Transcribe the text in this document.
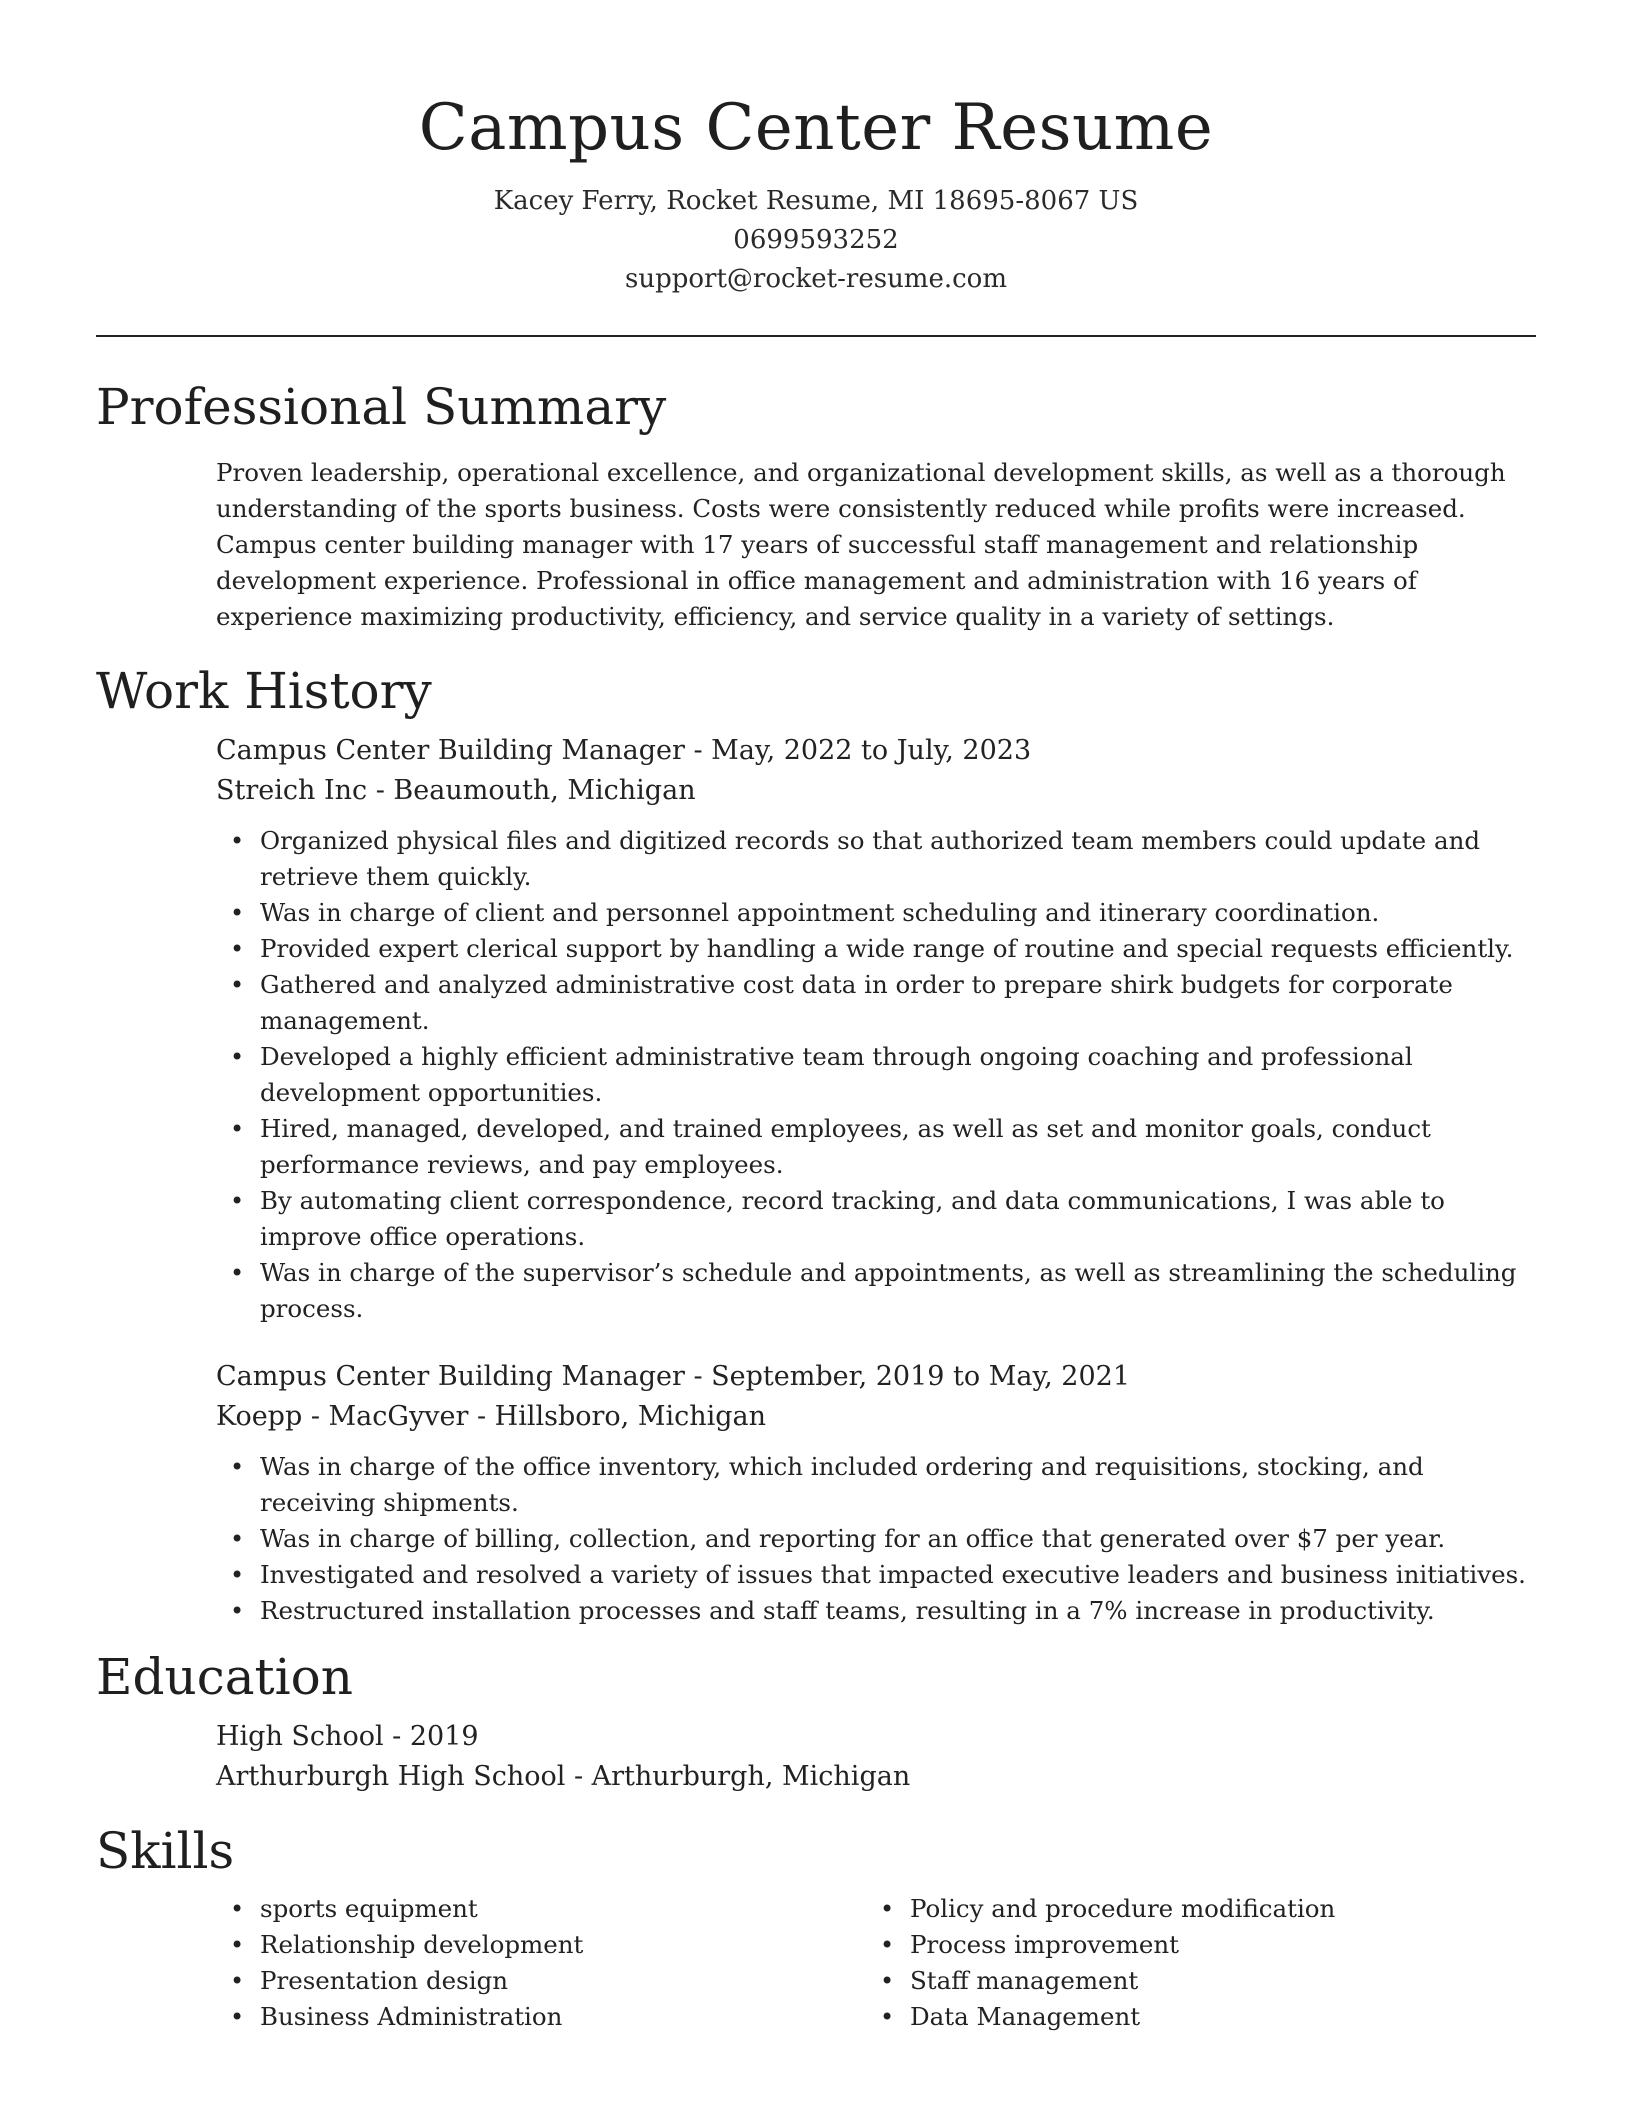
Campus Center Resume
Kacey Ferry, Rocket Resume, MI 18695-8067 US
0699593252
support@rocket-resume.com
Professional Summary

Proven leadership, operational excellence, and organizational development skills, as well as a thorough understanding of the sports business. Costs were consistently reduced while profits were increased. Campus center building manager with 17 years of successful staff management and relationship development experience. Professional in office management and administration with 16 years of experience maximizing productivity, efficiency, and service quality in a variety of settings.

Work History
Campus Center Building Manager - May, 2022 to July, 2023
Streich Inc - Beaumouth, Michigan
• Organized physical files and digitized records so that authorized team members could update and retrieve them quickly.
• Was in charge of client and personnel appointment scheduling and itinerary coordination.
• Provided expert clerical support by handling a wide range of routine and special requests efficiently.
• Gathered and analyzed administrative cost data in order to prepare shirk budgets for corporate management.
• Developed a highly efficient administrative team through ongoing coaching and professional development opportunities.
• Hired, managed, developed, and trained employees, as well as set and monitor goals, conduct performance reviews, and pay employees.
• By automating client correspondence, record tracking, and data communications, I was able to improve office operations.
• Was in charge of the supervisor’s schedule and appointments, as well as streamlining the scheduling process.
Campus Center Building Manager - September, 2019 to May, 2021
Koepp - MacGyver - Hillsboro, Michigan
• Was in charge of the office inventory, which included ordering and requisitions, stocking, and receiving shipments.
• Was in charge of billing, collection, and reporting for an office that generated over $7 per year.
• Investigated and resolved a variety of issues that impacted executive leaders and business initiatives.
• Restructured installation processes and staff teams, resulting in a 7% increase in productivity.
Education
High School - 2019
Arthurburgh High School - Arthurburgh, Michigan
Skills
• sports equipment
• Relationship development
• Presentation design
• Business Administration
• Policy and procedure modification
• Process improvement
• Staff management
• Data Management
